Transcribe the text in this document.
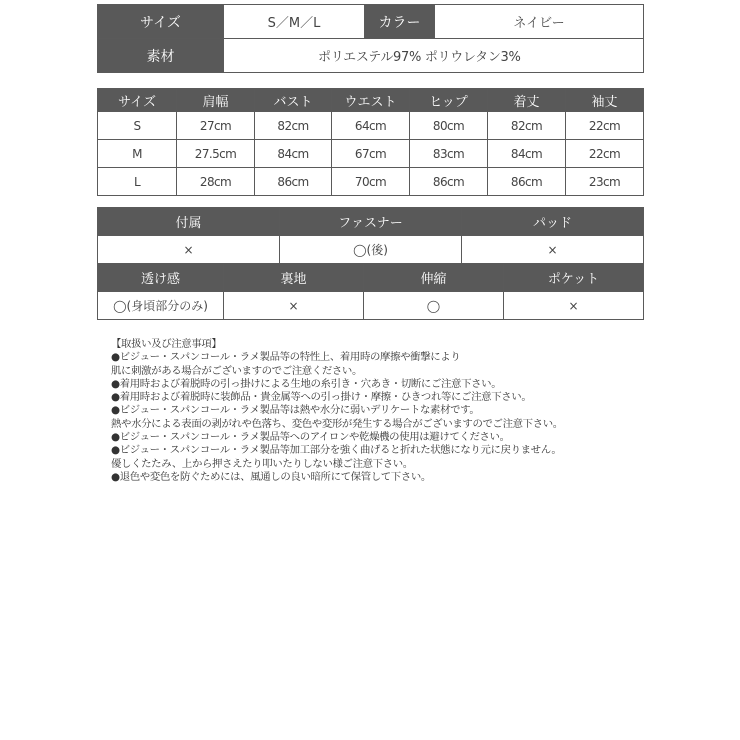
サイズ	S／M／L	カラー	ネイビー
素材	ポリエステル97% ポリウレタン3%		
サイズ	肩幅	バスト	ウエスト	ヒップ	着丈	袖丈
S	27cm	82cm	64cm	80cm	82cm	22cm
M	27.5cm	84cm	67cm	83cm	84cm	22cm
L	28cm	86cm	70cm	86cm	86cm	23cm
付属	ファスナー	パッド
×	◯(後)	×
透け感	裏地	伸縮	ポケット
◯(身頃部分のみ)	×	◯	×
【取扱い及び注意事項】
●ビジュー・スパンコール・ラメ製品等の特性上、着用時の摩擦や衝撃により
肌に刺激がある場合がございますのでご注意ください。
●着用時および着脱時の引っ掛けによる生地の糸引き・穴あき・切断にご注意下さい。
●着用時および着脱時に装飾品・貴金属等への引っ掛け・摩擦・ひきつれ等にご注意下さい。
●ビジュー・スパンコール・ラメ製品等は熱や水分に弱いデリケートな素材です。
熱や水分による表面の剥がれや色落ち、変色や変形が発生する場合がございますのでご注意下さい。
●ビジュー・スパンコール・ラメ製品等へのアイロンや乾燥機の使用は避けてください。
●ビジュー・スパンコール・ラメ製品等加工部分を強く曲げると折れた状態になり元に戻りません。
優しくたたみ、上から押さえたり叩いたりしない様ご注意下さい。
●退色や変色を防ぐためには、風通しの良い暗所にて保管して下さい。
